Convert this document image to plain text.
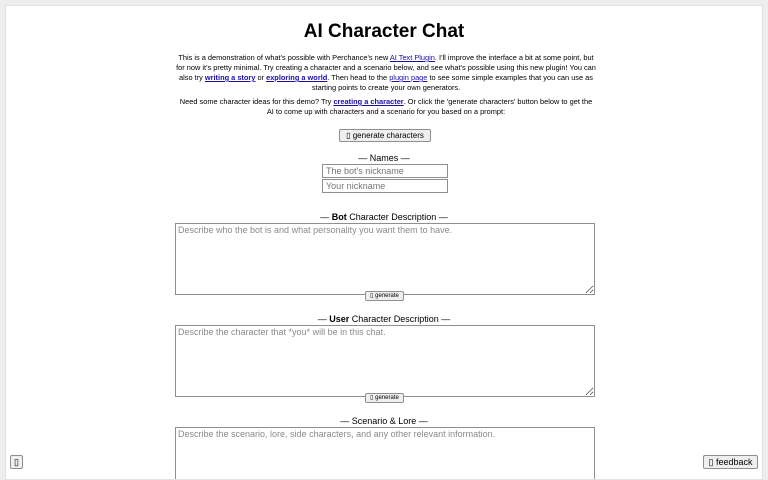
AI Character Chat

This is a demonstration of what's possible with Perchance's new AI Text Plugin. I'll improve the interface a bit at some point, but for now it's pretty minimal. Try creating a character and a scenario below, and see what's possible using this new plugin! You can also try writing a story or exploring a world. Then head to the plugin page to see some simple examples that you can use as starting points to create your own generators.

Need some character ideas for this demo? Try creating a character. Or click the 'generate characters' button below to get the AI to come up with characters and a scenario for you based on a prompt:

▯ generate characters
— Names —
The bot's nickname
Your nickname
— Bot Character Description —
Describe who the bot is and what personality you want them to have.
▯ generate
— User Character Description —
Describe the character that *you* will be in this chat.
▯ generate
— Scenario & Lore —
Describe the scenario, lore, side characters, and any other relevant information.
▯	▯ feedback
